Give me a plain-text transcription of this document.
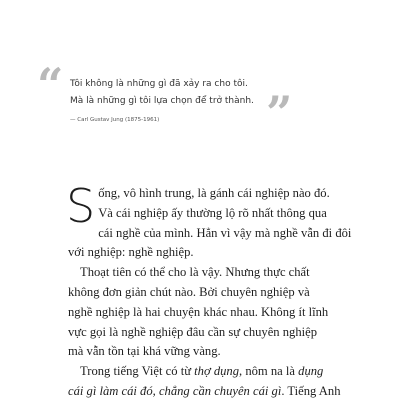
“ Tôi không là những gì đã xảy ra cho tôi.

Mà là những gì tôi lựa chọn để trở thành. ”
— Carl Gustav Jung (1875-1961)
S ống, vô hình trung, là gánh cái nghiệp nào đó.
Và cái nghiệp ấy thường lộ rõ nhất thông qua
cái nghề của mình. Hẳn vì vậy mà nghề vẫn đi đôi
với nghiệp: nghề nghiệp.

Thoạt tiên có thể cho là vậy. Nhưng thực chất
không đơn giản chút nào. Bởi chuyên nghiệp và
nghề nghiệp là hai chuyện khác nhau. Không ít lĩnh
vực gọi là nghề nghiệp đâu cần sự chuyên nghiệp
mà vẫn tồn tại khá vững vàng.

Trong tiếng Việt có từ thợ dụng, nôm na là dụng
cái gì làm cái đó, chẳng cần chuyên cái gì. Tiếng Anh
